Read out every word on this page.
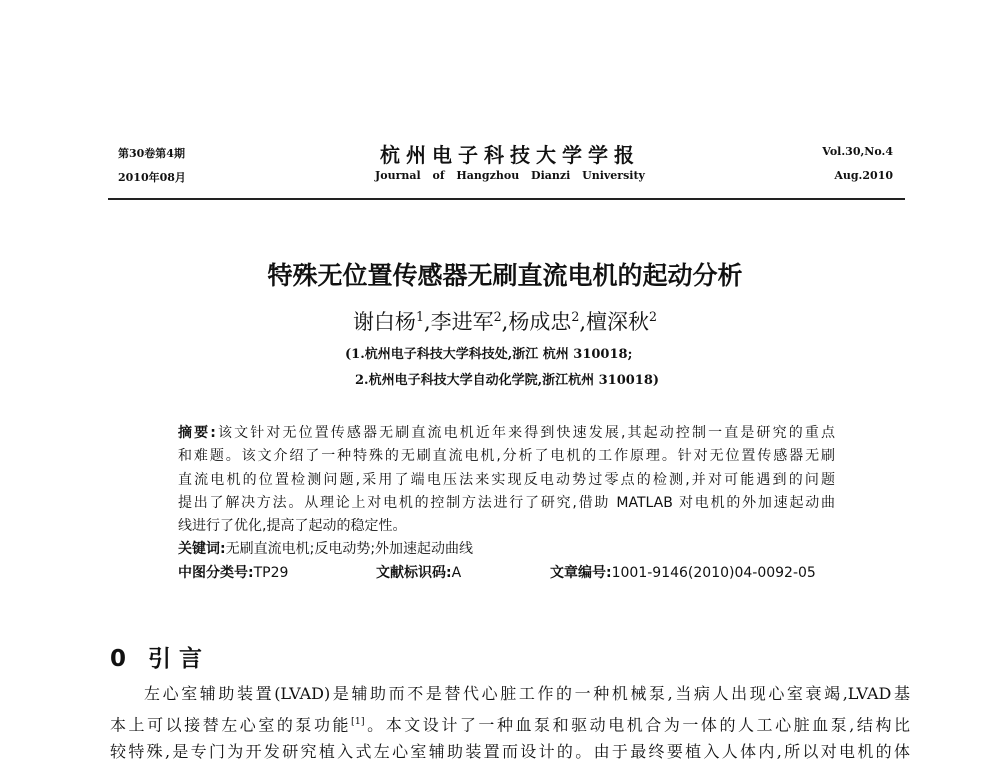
第30卷第4期
2010年08月
杭州电子科技大学学报
Journal of Hangzhou Dianzi University
Vol.30,No.4
Aug.2010
特殊无位置传感器无刷直流电机的起动分析
谢白杨$^1$,李进军$^2$,杨成忠$^2$,檀深秋$^2$
(1.杭州电子科技大学科技处,浙江 杭州 310018;
2.杭州电子科技大学自动化学院,浙江杭州 310018)
摘要:该文针对无位置传感器无刷直流电机近年来得到快速发展,其起动控制一直是研究的重点
和难题。该文介绍了一种特殊的无刷直流电机,分析了电机的工作原理。针对无位置传感器无刷
直流电机的位置检测问题,采用了端电压法来实现反电动势过零点的检测,并对可能遇到的问题
提出了解决方法。从理论上对电机的控制方法进行了研究,借助 MATLAB 对电机的外加速起动曲
线进行了优化,提高了起动的稳定性。
关键词:无刷直流电机;反电动势;外加速起动曲线
中图分类号:TP29	文献标识码:A	文章编号:1001-9146(2010)04-0092-05
0 引 言
左心室辅助装置(LVAD)是辅助而不是替代心脏工作的一种机械泵,当病人出现心室衰竭,LVAD基
本上可以接替左心室的泵功能[1]。本文设计了一种血泵和驱动电机合为一体的人工心脏血泵,结构比
较特殊,是专门为开发研究植入式左心室辅助装置而设计的。由于最终要植入人体内,所以对电机的体
